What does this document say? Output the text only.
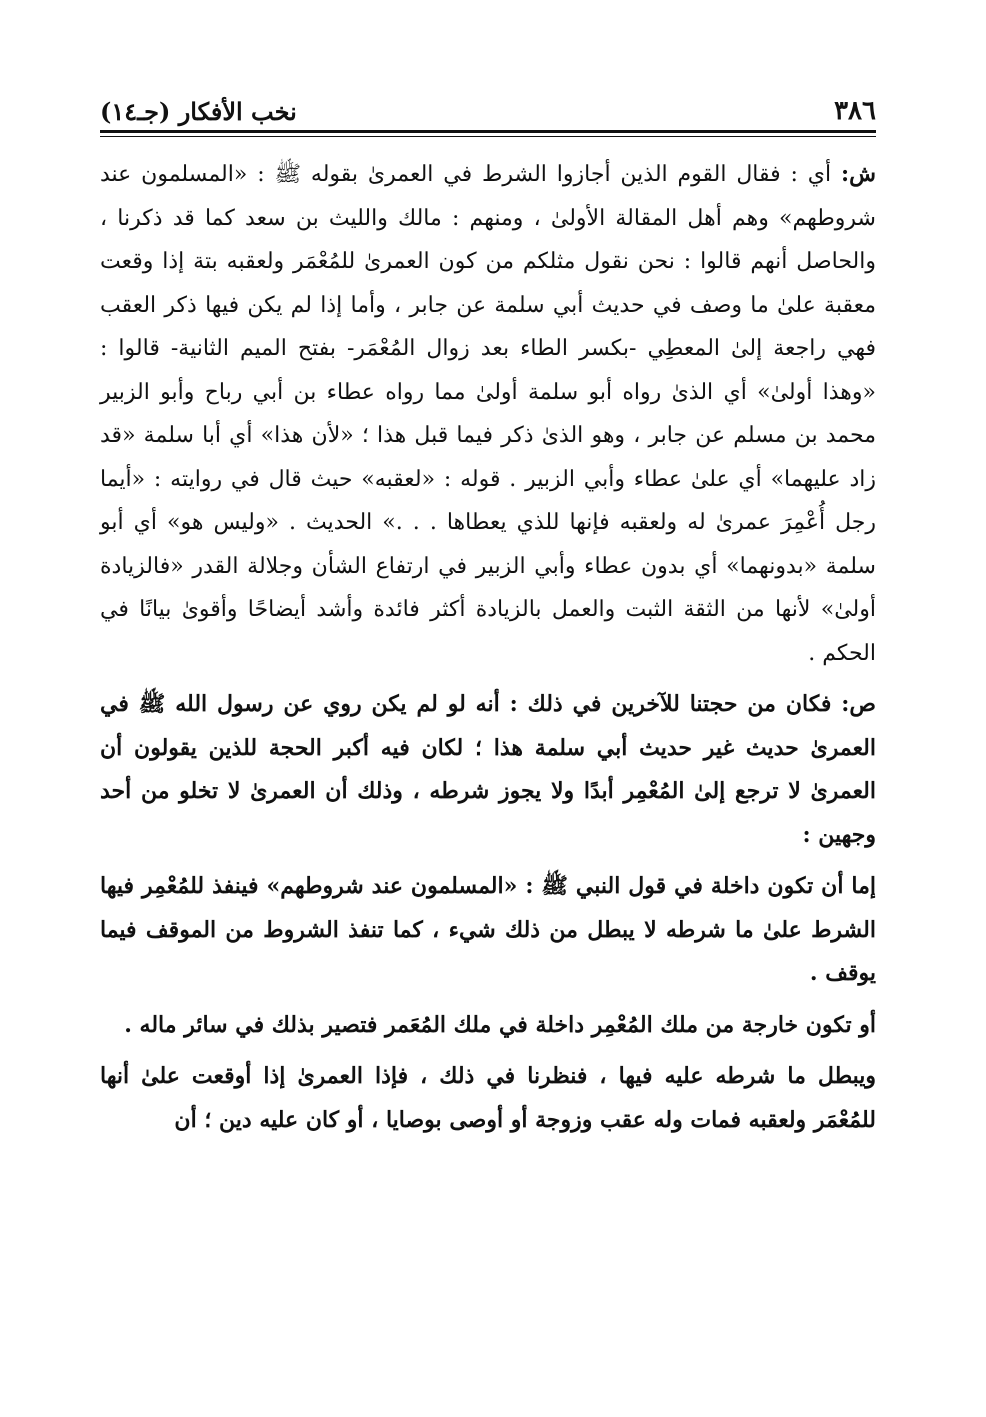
٣٨٦
نخب الأفكار (جـ١٤)

ش: أي : فقال القوم الذين أجازوا الشرط في العمرىٰ بقوله ﷺ : «المسلمون عند شروطهم» وهم أهل المقالة الأولىٰ ، ومنهم : مالك والليث بن سعد كما قد ذكرنا ، والحاصل أنهم قالوا : نحن نقول مثلكم من كون العمرىٰ للمُعْمَر ولعقبه بتة إذا وقعت معقبة علىٰ ما وصف في حديث أبي سلمة عن جابر ، وأما إذا لم يكن فيها ذكر العقب فهي راجعة إلىٰ المعطِي -بكسر الطاء بعد زوال المُعْمَر- بفتح الميم الثانية- قالوا : «وهذا أولىٰ» أي الذىٰ رواه أبو سلمة أولىٰ مما رواه عطاء بن أبي رباح وأبو الزبير محمد بن مسلم عن جابر ، وهو الذىٰ ذكر فيما قبل هذا ؛ «لأن هذا» أي أبا سلمة «قد زاد عليهما» أي علىٰ عطاء وأبي الزبير . قوله : «لعقبه» حيث قال في روايته : «أيما رجل أُعْمِرَ عمرىٰ له ولعقبه فإنها للذي يعطاها . . .» الحديث . «وليس هو» أي أبو سلمة «بدونهما» أي بدون عطاء وأبي الزبير في ارتفاع الشأن وجلالة القدر «فالزيادة أولىٰ» لأنها من الثقة الثبت والعمل بالزيادة أكثر فائدة وأشد أيضاحًا وأقوىٰ بيانًا في الحكم .

ص: فكان من حجتنا للآخرين في ذلك : أنه لو لم يكن روي عن رسول الله ﷺ في العمرىٰ حديث غير حديث أبي سلمة هذا ؛ لكان فيه أكبر الحجة للذين يقولون أن العمرىٰ لا ترجع إلىٰ المُعْمِر أبدًا ولا يجوز شرطه ، وذلك أن العمرىٰ لا تخلو من أحد وجهين :

إما أن تكون داخلة في قول النبي ﷺ : «المسلمون عند شروطهم» فينفذ للمُعْمِر فيها الشرط علىٰ ما شرطه لا يبطل من ذلك شيء ، كما تنفذ الشروط من الموقف فيما يوقف .

أو تكون خارجة من ملك المُعْمِر داخلة في ملك المُعَمر فتصير بذلك في سائر ماله .

ويبطل ما شرطه عليه فيها ، فنظرنا في ذلك ، فإذا العمرىٰ إذا أوقعت علىٰ أنها للمُعْمَر ولعقبه فمات وله عقب وزوجة أو أوصى بوصايا ، أو كان عليه دين ؛ أن
